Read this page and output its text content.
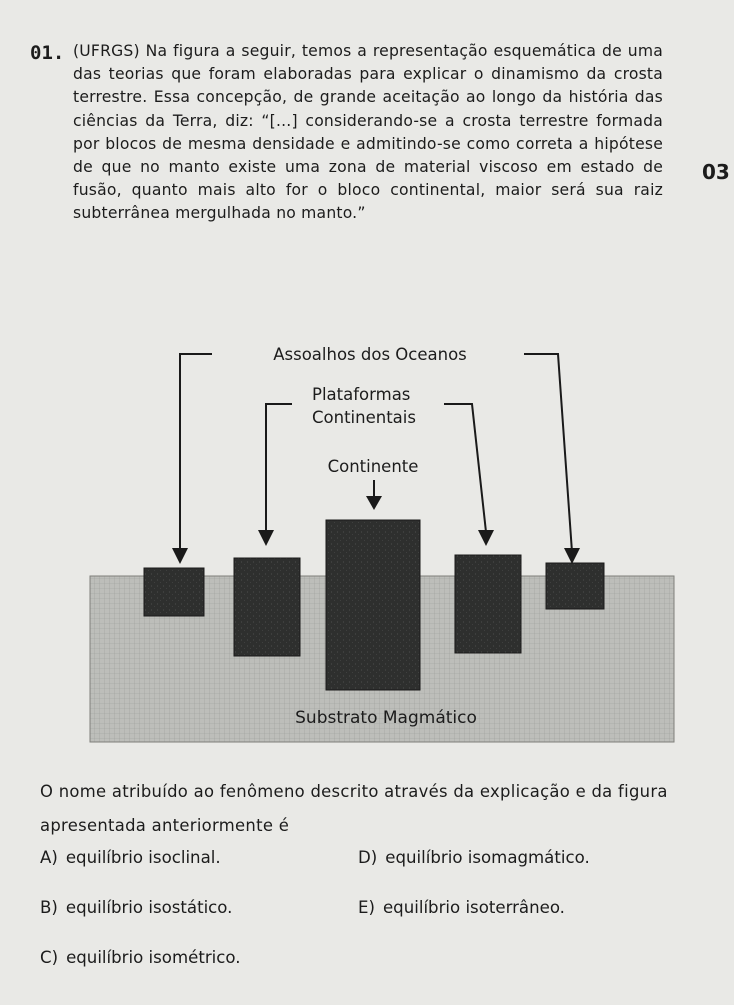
01. (UFRGS) Na figura a seguir, temos a representação esquemática de uma das teorias que foram elaboradas para explicar o dinamismo da crosta terrestre. Essa concepção, de grande aceitação ao longo da história das ciências da Terra, diz: “[...] considerando-se a crosta terrestre formada por blocos de mesma densidade e admitindo-se como correta a hipótese de que no manto existe uma zona de material viscoso em estado de fusão, quanto mais alto for o bloco continental, maior será sua raiz subterrânea mergulhada no manto.”

03
Assoalhos dos Oceanos
Plataformas
Continentais
Continente
Substrato Magmático

O nome atribuído ao fenômeno descrito através da explicação e da figura apresentada anteriormente é

A) equilíbrio isoclinal.	D) equilíbrio isomagmático.
B) equilíbrio isostático.	E) equilíbrio isoterrâneo.
C) equilíbrio isométrico.
